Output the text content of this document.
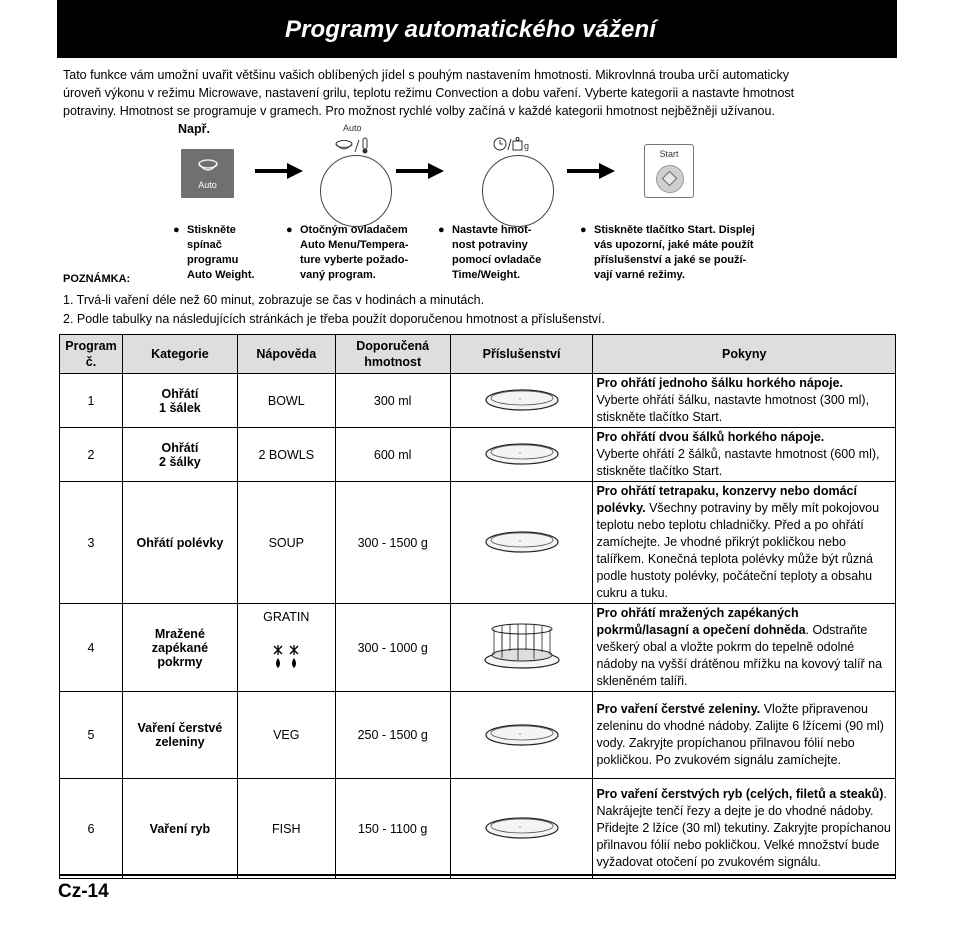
Programy automatického vážení

Tato funkce vám umožní uvařit většinu vašich oblíbených jídel s pouhým nastavením hmotnosti. Mikrovlnná trouba určí automaticky

úroveň výkonu v režimu Microwave, nastavení grilu, teplotu režimu Convection a dobu vaření. Vyberte kategorii a nastavte hmotnost

potraviny. Hmotnost se programuje v gramech. Pro možnost rychlé volby začíná v každé kategorii hmotnost nejběžněji užívanou.

Např.
Auto
Auto
g
Start
● Stiskněte
spínač
programu
Auto Weight.
● Otočným ovladačem
Auto Menu/Tempera-
ture vyberte požado-
vaný program.
● Nastavte hmot-
nost potraviny
pomocí ovladače
Time/Weight.
● Stiskněte tlačítko Start. Displej
vás upozorní, jaké máte použít
příslušenství a jaké se použí-
vají varné režimy.
POZNÁMKA:
1. Trvá-li vaření déle než 60 minut, zobrazuje se čas v hodinách a minutách.
2. Podle tabulky na následujících stránkách je třeba použít doporučenou hmotnost a příslušenství.
Program
č.	Kategorie	Nápověda	Doporučená
hmotnost	Příslušenství	Pokyny
1	Ohřátí
1 šálek	BOWL	300 ml	°	Pro ohřátí jednoho šálku horkého nápoje.
Vyberte ohřátí šálku, nastavte hmotnost (300 ml), stiskněte tlačítko Start.
2	Ohřátí
2 šálky	2 BOWLS	600 ml	°	Pro ohřátí dvou šálků horkého nápoje.
Vyberte ohřátí 2 šálků, nastavte hmotnost (600 ml), stiskněte tlačítko Start.
3	Ohřátí polévky	SOUP	300 - 1500 g	°	Pro ohřátí tetrapaku, konzervy nebo domácí polévky. Všechny potraviny by měly mít pokojovou teplotu nebo teplotu chladničky. Před a po ohřátí zamíchejte. Je vhodné přikrýt pokličkou nebo talířkem. Konečná teplota polévky může být různá podle hustoty polévky, počáteční teploty a obsahu cukru a tuku.
4	Mražené
zapékané
pokrmy	GRATIN	300 - 1000 g		Pro ohřátí mražených zapékaných pokrmů/lasagní a opečení dohněda. Odstraňte veškerý obal a vložte pokrm do tepelně odolné nádoby na vyšší drátěnou mřížku na kovový talíř na skleněném talíři.
5	Vaření čerstvé
zeleniny	VEG	250 - 1500 g	°	Pro vaření čerstvé zeleniny. Vložte připravenou zeleninu do vhodné nádoby. Zalijte 6 lžícemi (90 ml) vody. Zakryjte propíchanou přilnavou fólií nebo pokličkou. Po zvukovém signálu zamíchejte.
6	Vaření ryb	FISH	150 - 1100 g	°	Pro vaření čerstvých ryb (celých, filetů a steaků). Nakrájejte tenčí řezy a dejte je do vhodné nádoby. Přidejte 2 lžíce (30 ml) tekutiny. Zakryjte propíchanou přilnavou fólií nebo pokličkou. Velké množství bude vyžadovat otočení po zvukovém signálu.
Cz-14
